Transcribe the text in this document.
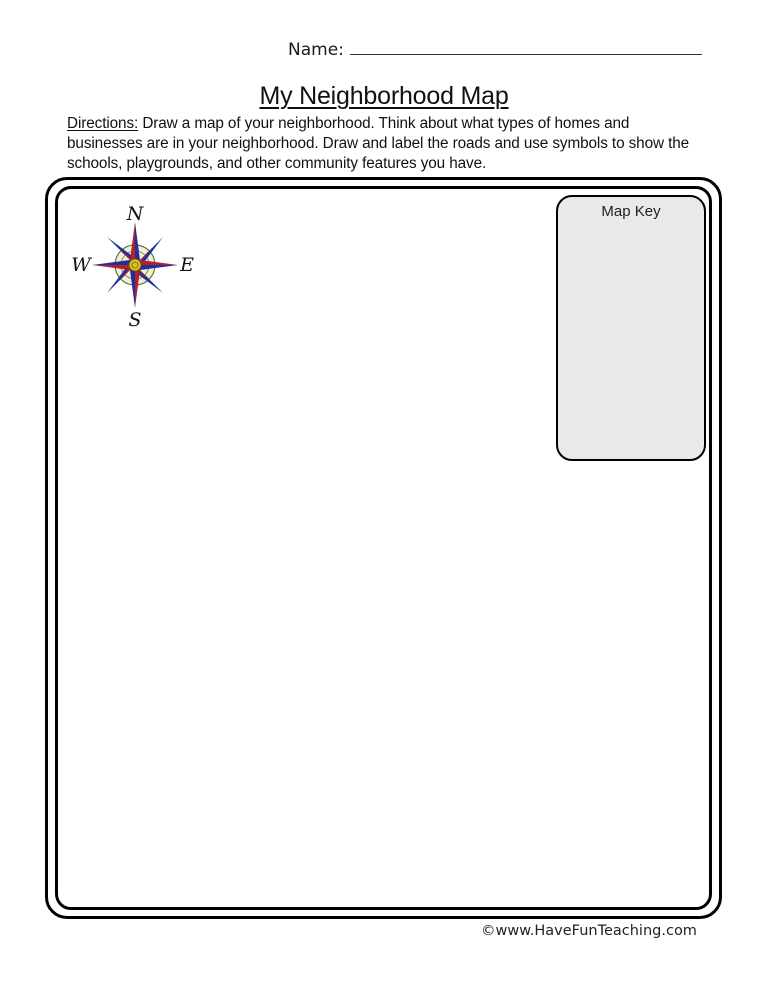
Name:
My Neighborhood Map
Directions: Draw a map of your neighborhood. Think about what types of homes and businesses are in your neighborhood. Draw and label the roads and use symbols to show the schools, playgrounds, and other community features you have.
N
S
W	E
Map Key
©www.HaveFunTeaching.com
